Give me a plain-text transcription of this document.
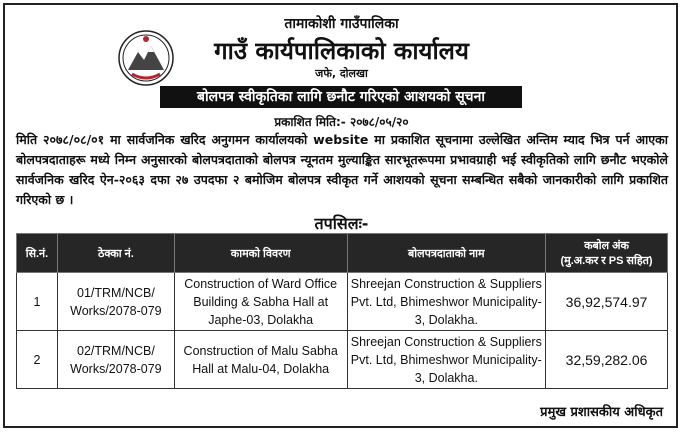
तामाकोशी गाउँपालिका
गाउँ कार्यपालिकाको कार्यालय
जफे, दोलखा
बोलपत्र स्वीकृतिका लागि छनौट गरिएको आशयको सूचना
प्रकाशित मिति:- २०७८/०५/२०
मिति २०७८/०८/०१ मा सार्वजनिक खरिद अनुगमन कार्यालयको website मा प्रकाशित सूचनामा उल्लेखित अन्तिम म्याद भित्र पर्न आएका बोलपत्रदाताहरू मध्ये निम्न अनुसारको बोलपत्रदाताको बोलपत्र न्यूनतम मुल्याङ्कित सारभूतरूपमा प्रभावग्राही भई स्वीकृतिको लागि छनौट भएकोले सार्वजनिक खरिद ऐन-२०६३ दफा २७ उपदफा २ बमोजिम बोलपत्र स्वीकृत गर्ने आशयको सूचना सम्बन्धित सबैको जानकारीको लागि प्रकाशित गरिएको छ ।
तपसिलः-
सि.नं.	ठेक्का नं.	कामको विवरण	बोलपत्रदाताको नाम	कबोल अंक
(मु.अ.कर र PS सहित)

1	01/TRM/NCB/ Works/2078-079	Construction of Ward Office Building & Sabha Hall at Japhe-03, Dolakha	Shreejan Construction & Suppliers Pvt. Ltd, Bhimeshwor Municipality-3, Dolakha.	36,92,574.97
2	02/TRM/NCB/ Works/2078-079	Construction of Malu Sabha Hall at Malu-04, Dolakha	Shreejan Construction & Suppliers Pvt. Ltd, Bhimeshwor Municipality-3, Dolakha.	32,59,282.06
प्रमुख प्रशासकीय अधिकृत
